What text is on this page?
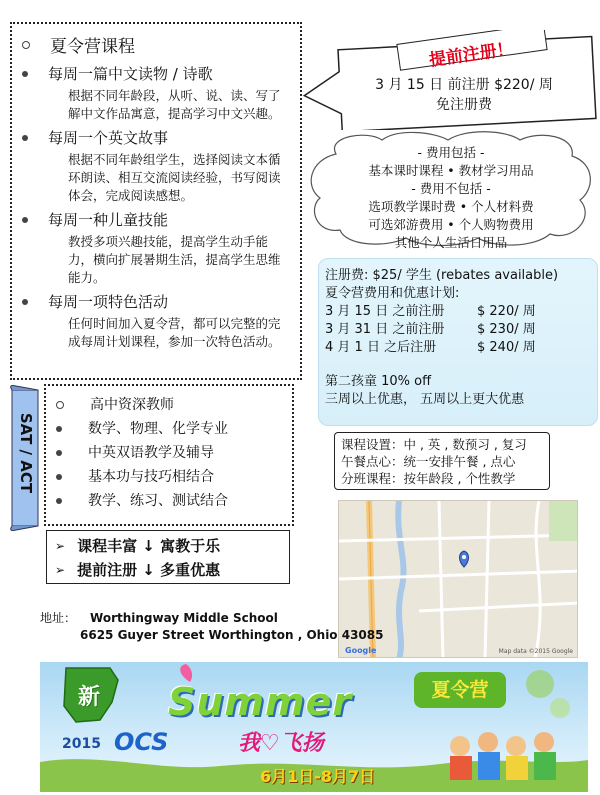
夏令营课程
每周一篇中文读物 / 诗歌
根据不同年龄段，从听、说、读、写了解中文作品寓意，提高学习中文兴趣。
每周一个英文故事
根据不同年龄组学生，选择阅读文本循环朗读、相互交流阅读经验，书写阅读体会，完成阅读感想。
每周一种儿童技能
教授多项兴趣技能，提高学生动手能力，横向扩展暑期生活，提高学生思维能力。
每周一项特色活动
任何时间加入夏令营，都可以完整的完成每周计划课程，参加一次特色活动。
提前注册！
3 月 15 日 前注册 $220/ 周
免注册费
- 费用包括 -
基本课时课程 • 教材学习用品
- 费用不包括 -
选项教学课时费 • 个人材料费
可选郊游费用 • 个人购物费用
其他个人生活日用品
注册费: $25/ 学生 (rebates available)
夏令营费用和优惠计划:
3 月 15 日 之前注册	$ 220/ 周
3 月 31 日 之前注册	$ 230/ 周
4 月 1 日 之后注册	$ 240/ 周
第二孩童 10% off
三周以上优惠， 五周以上更大优惠
课程设置：中 , 英 , 数预习 , 复习
午餐点心：统一安排午餐 , 点心
分班课程：按年龄段 , 个性教学
SAT / ACT
高中资深教师
数学、物理、化学专业
中英双语教学及辅导
基本功与技巧相结合
教学、练习、测试结合
➢ 课程丰富 ↓ 寓教于乐
➢ 提前注册 ↓ 多重优惠
Google	Map data ©2015 Google
地址： Worthingway Middle School
6625 Guyer Street Worthington , Ohio 43085
新 Summer	夏令营
2015 OCS	我♡飞扬
6月1日-8月7日
